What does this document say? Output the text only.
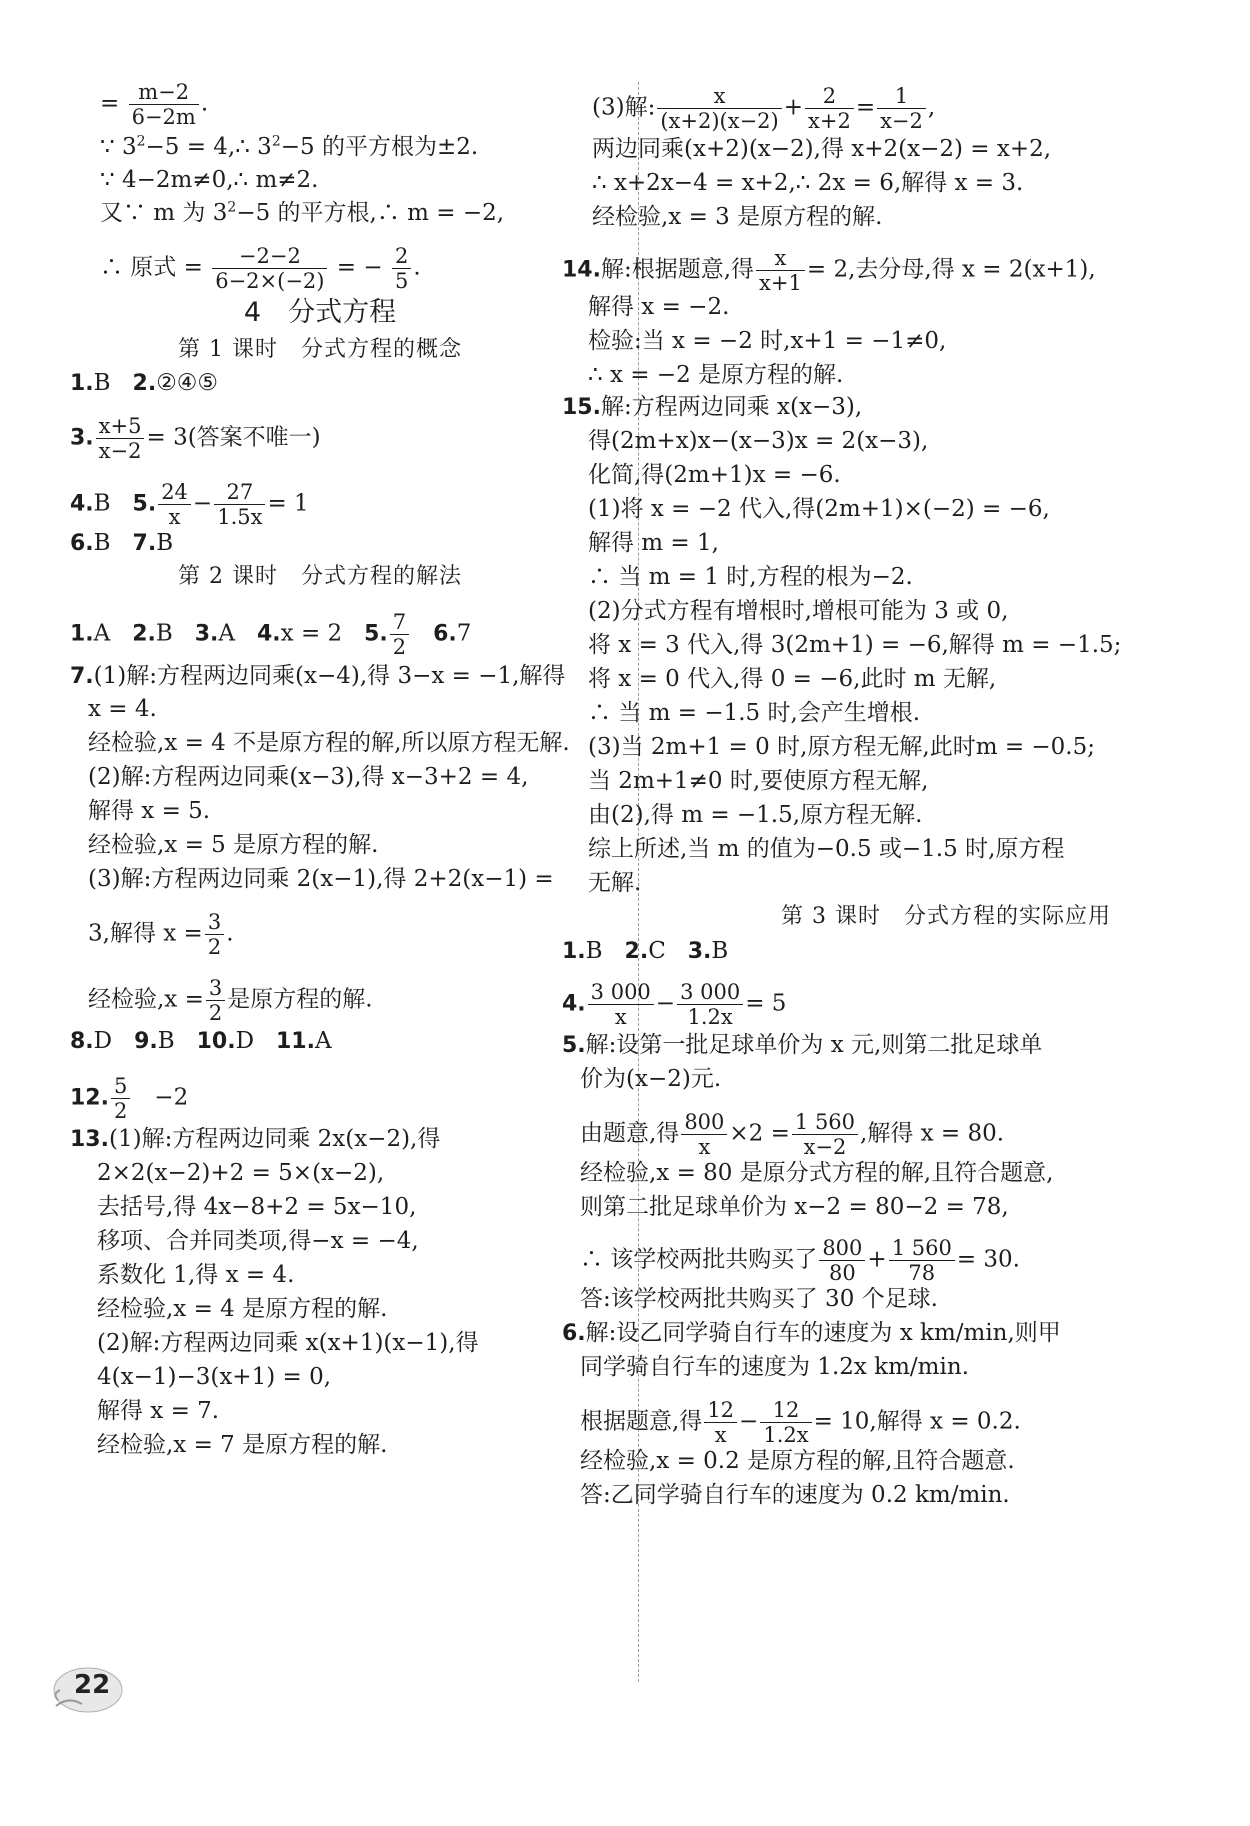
= $\frac{m-2}{6-2m}$ .
∵ $3^2-5$ = 4,∴ $3^2-5$ 的平方根为±2.
∵ 4−2m≠0,∴ m≠2.
又∵ m 为 $3^2-5$ 的平方根,∴ m = −2,
∴ 原式 = $\frac{-2-2}{6-2\times(-2)}$ = − $\frac{2}{5}$ .
4　分式方程
第 1 课时　分式方程的概念
1.B 2.②④⑤
3. $\frac{x+5}{x-2} = 3$(答案不唯一)
4.B 5. $\frac{24}{x} - \frac{27}{1.5x} = 1$
6.B 7.B
第 2 课时　分式方程的解法
1.A 2.B 3.A 4.x = 2 5. $\frac{7}{2} 6.7$
7.(1)解:方程两边同乘(x−4),得 3−x = −1,解得
x = 4.
经检验,x = 4 不是原方程的解,所以原方程无解.
(2)解:方程两边同乘(x−3),得 x−3+2 = 4,
解得 x = 5.
经检验,x = 5 是原方程的解.
(3)解:方程两边同乘 2(x−1),得 2+2(x−1) =
3,解得 $x = \frac{3}{2}$ .
经检验$,x = \frac{3}{2}$ 是原方程的解.
8.D 9.B 10.D 11.A
12. $\frac{5}{2} -2$
13.(1)解:方程两边同乘 2x(x−2),得
2×2(x−2)+2 = 5×(x−2),
去括号,得 4x−8+2 = 5x−10,
移项、合并同类项,得−x = −4,
系数化 1,得 x = 4.
经检验,x = 4 是原方程的解.
(2)解:方程两边同乘 x(x+1)(x−1),得
4(x−1)−3(x+1) = 0,
解得 x = 7.
经检验,x = 7 是原方程的解.
(3)解: $\frac{x}{(x+2)(x-2)} + \frac{2}{x+2} = \frac{1}{x-2}$ ,
两边同乘(x+2)(x−2),得 x+2(x−2) = x+2,
∴ x+2x−4 = x+2,∴ 2x = 6,解得 x = 3.
经检验,x = 3 是原方程的解.
14.解:根据题意,得 $\frac{x}{x+1} = 2$,去分母,得 x = 2(x+1),
解得 x = −2.
检验:当 x = −2 时,x+1 = −1≠0,
∴ x = −2 是原方程的解.
15.解:方程两边同乘 x(x−3),
得(2m+x)x−(x−3)x = 2(x−3),
化简,得(2m+1)x = −6.
(1)将 x = −2 代入,得(2m+1)×(−2) = −6,
解得 m = 1,
∴ 当 m = 1 时,方程的根为−2.
(2)分式方程有增根时,增根可能为 3 或 0,
将 x = 3 代入,得 3(2m+1) = −6,解得 m = −1.5;
将 x = 0 代入,得 0 = −6,此时 m 无解,
∴ 当 m = −1.5 时,会产生增根.
(3)当 2m+1 = 0 时,原方程无解,此时m = −0.5;
当 2m+1≠0 时,要使原方程无解,
由(2),得 m = −1.5,原方程无解.
综上所述,当 m 的值为−0.5 或−1.5 时,原方程
无解.
第 3 课时　分式方程的实际应用
1.B 2.C 3.B
4. $\frac{3 000}{x} - \frac{3 000}{1.2x} = 5$
5.解:设第一批足球单价为 x 元,则第二批足球单
价为(x−2)元.
由题意,得 $\frac{800}{x} \times 2 = \frac{1 560}{x-2}$ ,解得 x = 80.
经检验,x = 80 是原分式方程的解,且符合题意,
则第二批足球单价为 x−2 = 80−2 = 78,
∴ 该学校两批共购买了 $\frac{800}{80} + \frac{1 560}{78} = 30$.
答:该学校两批共购买了 30 个足球.
6.解:设乙同学骑自行车的速度为 x km/min,则甲
同学骑自行车的速度为 1.2x km/min.
根据题意,得 $\frac{12}{x} - \frac{12}{1.2x} = 10$,解得 x = 0.2.
经检验,x = 0.2 是原方程的解,且符合题意.
答:乙同学骑自行车的速度为 0.2 km/min.
22
